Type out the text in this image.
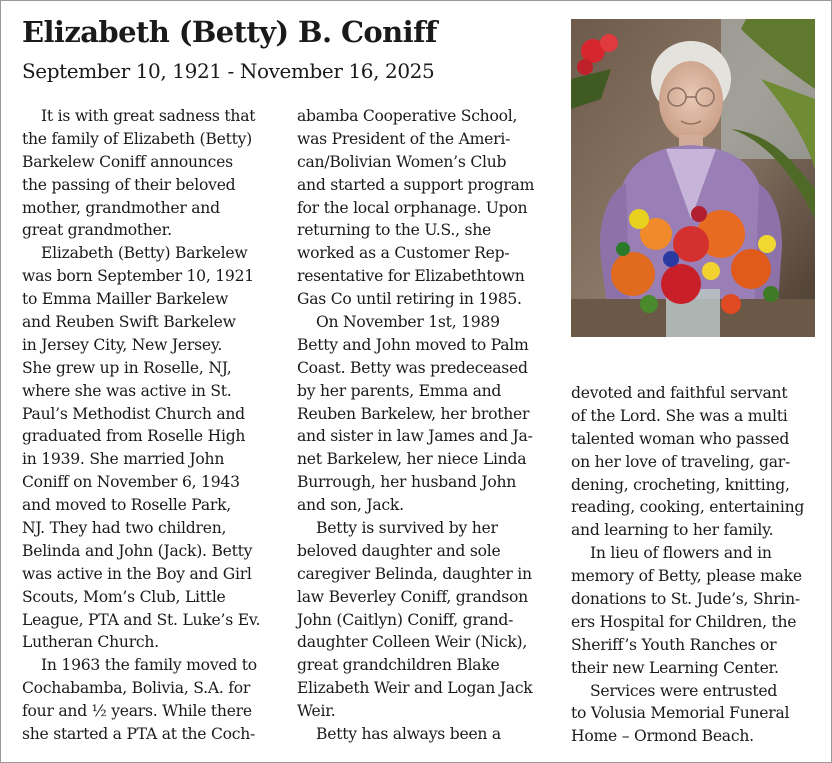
Elizabeth (Betty) B. Coniff
September 10, 1921 - November 16, 2025
It is with great sadness that
the family of Elizabeth (Betty)
Barkelew Coniff announces
the passing of their beloved
mother, grandmother and
great grandmother.
Elizabeth (Betty) Barkelew
was born September 10, 1921
to Emma Mailler Barkelew
and Reuben Swift Barkelew
in Jersey City, New Jersey.
She grew up in Roselle, NJ,
where she was active in St.
Paul’s Methodist Church and
graduated from Roselle High
in 1939. She married John
Coniff on November 6, 1943
and moved to Roselle Park,
NJ. They had two children,
Belinda and John (Jack). Betty
was active in the Boy and Girl
Scouts, Mom’s Club, Little
League, PTA and St. Luke’s Ev.
Lutheran Church.
In 1963 the family moved to
Cochabamba, Bolivia, S.A. for
four and ½ years. While there
she started a PTA at the Coch-
abamba Cooperative School,
was President of the Ameri-
can/Bolivian Women’s Club
and started a support program
for the local orphanage. Upon
returning to the U.S., she
worked as a Customer Rep-
resentative for Elizabethtown
Gas Co until retiring in 1985.
On November 1st, 1989
Betty and John moved to Palm
Coast. Betty was predeceased
by her parents, Emma and
Reuben Barkelew, her brother
and sister in law James and Ja-
net Barkelew, her niece Linda
Burrough, her husband John
and son, Jack.
Betty is survived by her
beloved daughter and sole
caregiver Belinda, daughter in
law Beverley Coniff, grandson
John (Caitlyn) Coniff, grand-
daughter Colleen Weir (Nick),
great grandchildren Blake
Elizabeth Weir and Logan Jack
Weir.
Betty has always been a
devoted and faithful servant
of the Lord. She was a multi
talented woman who passed
on her love of traveling, gar-
dening, crocheting, knitting,
reading, cooking, entertaining
and learning to her family.
In lieu of flowers and in
memory of Betty, please make
donations to St. Jude’s, Shrin-
ers Hospital for Children, the
Sheriff’s Youth Ranches or
their new Learning Center.
Services were entrusted
to Volusia Memorial Funeral
Home – Ormond Beach.
